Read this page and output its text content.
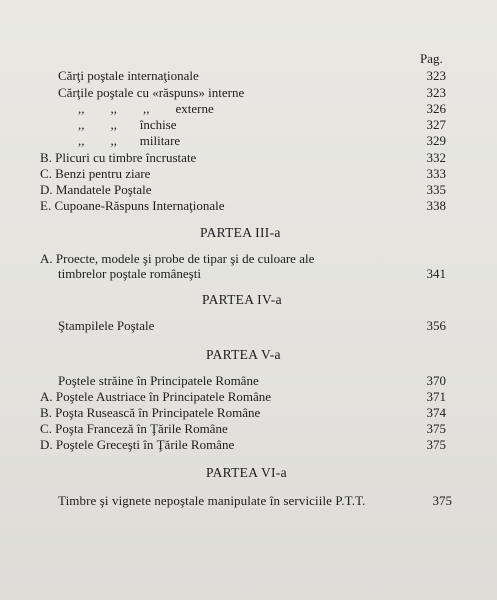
Pag.
Cărţi poştale internaţionale	323
Cărţile poştale cu «răspuns» interne	323
,,        ,,        ,,        externe	326
,,        ,,       închise	327
,,        ,,       militare	329
B. Plicuri cu timbre încrustate	332
C. Benzi pentru ziare	333
D. Mandatele Poştale	335
E. Cupoane-Răspuns Internaţionale	338
PARTEA III-a
A. Proecte, modele şi probe de tipar şi de culoare ale
timbrelor poştale româneşti	341
PARTEA IV-a
Ştampilele Poştale	356
PARTEA V-a
Poştele străine în Principatele Române	370
A. Poştele Austriace în Principatele Române	371
B. Poşta Rusească în Principatele Române	374
C. Poşta Franceză în Ţările Române	375
D. Poştele Greceşti în Ţările Române	375
PARTEA VI-a
Timbre şi vignete nepoştale manipulate în serviciile P.T.T.	375
